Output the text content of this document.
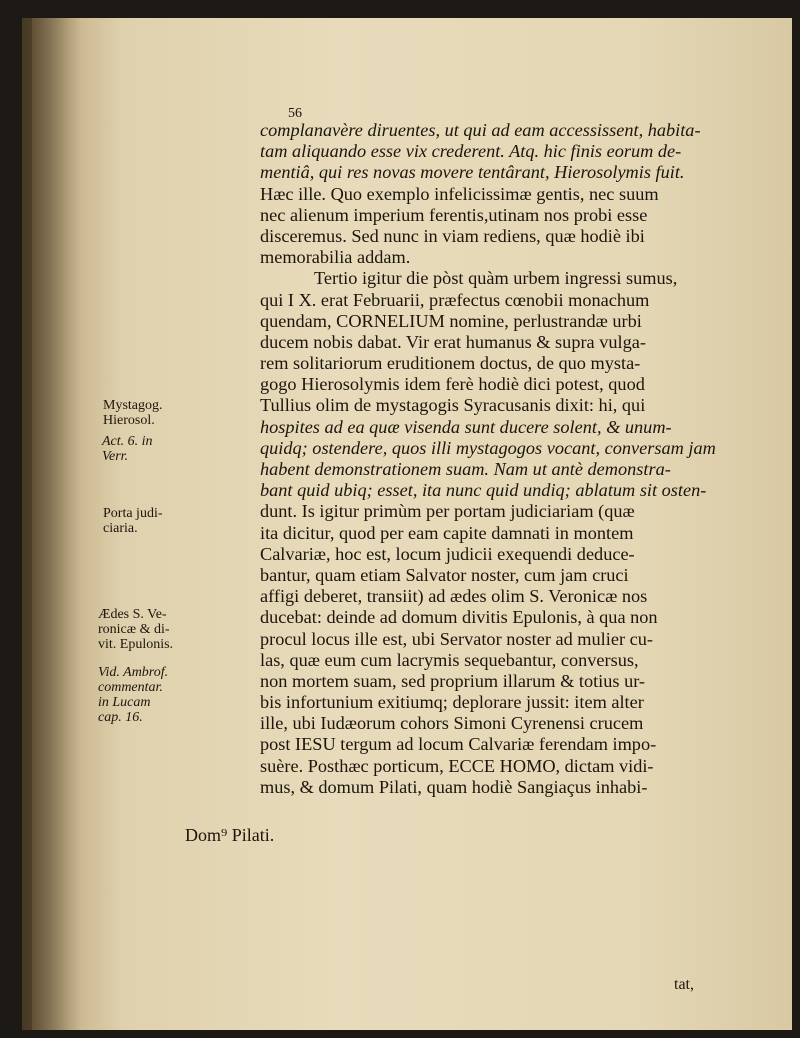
56
complanavère diruentes, ut qui ad eam accessissent, habita-
tam aliquando esse vix crederent. Atq. hic finis eorum de-
mentiâ, qui res novas movere tentârant, Hierosolymis fuit.
Hæc ille. Quo exemplo infelicissimæ gentis, nec suum
nec alienum imperium ferentis,utinam nos probi esse
disceremus. Sed nunc in viam rediens, quæ hodiè ibi
memorabilia addam.
Tertio igitur die pòst quàm urbem ingressi sumus,
qui I X. erat Februarii, præfectus cœnobii monachum
quendam, CORNELIUM nomine, perlustrandæ urbi
ducem nobis dabat. Vir erat humanus & supra vulga-
rem solitariorum eruditionem doctus, de quo mysta-
gogo Hierosolymis idem ferè hodiè dici potest, quod
Tullius olim de mystagogis Syracusanis dixit: hi, qui
hospites ad ea quæ visenda sunt ducere solent, & unum-
quidq; ostendere, quos illi mystagogos vocant, conversam jam
habent demonstrationem suam. Nam ut antè demonstra-
bant quid ubiq; esset, ita nunc quid undiq; ablatum sit osten-
dunt. Is igitur primùm per portam judiciariam (quæ
ita dicitur, quod per eam capite damnati in montem
Calvariæ, hoc est, locum judicii exequendi deduce-
bantur, quam etiam Salvator noster, cum jam cruci
affigi deberet, transiit) ad ædes olim S. Veronicæ nos
ducebat: deinde ad domum divitis Epulonis, à qua non
procul locus ille est, ubi Servator noster ad mulier cu-
las, quæ eum cum lacrymis sequebantur, conversus,
non mortem suam, sed proprium illarum & totius ur-
bis infortunium exitiumq; deplorare jussit: item alter
ille, ubi Iudæorum cohors Simoni Cyrenensi crucem
post IESU tergum ad locum Calvariæ ferendam impo-
suère. Posthæc porticum, ECCE HOMO, dictam vidi-
mus, & domum Pilati, quam hodiè Sangiaçus inhabi-
Mystagog.
Hierosol.
Act. 6. in
Verr.
Porta judi-
ciaria.
Ædes S. Ve-
ronicæ & di-
vit. Epulonis.
Vid. Ambrof.
commentar.
in Lucam
cap. 16.
Dom⁹ Pilati.
tat,
